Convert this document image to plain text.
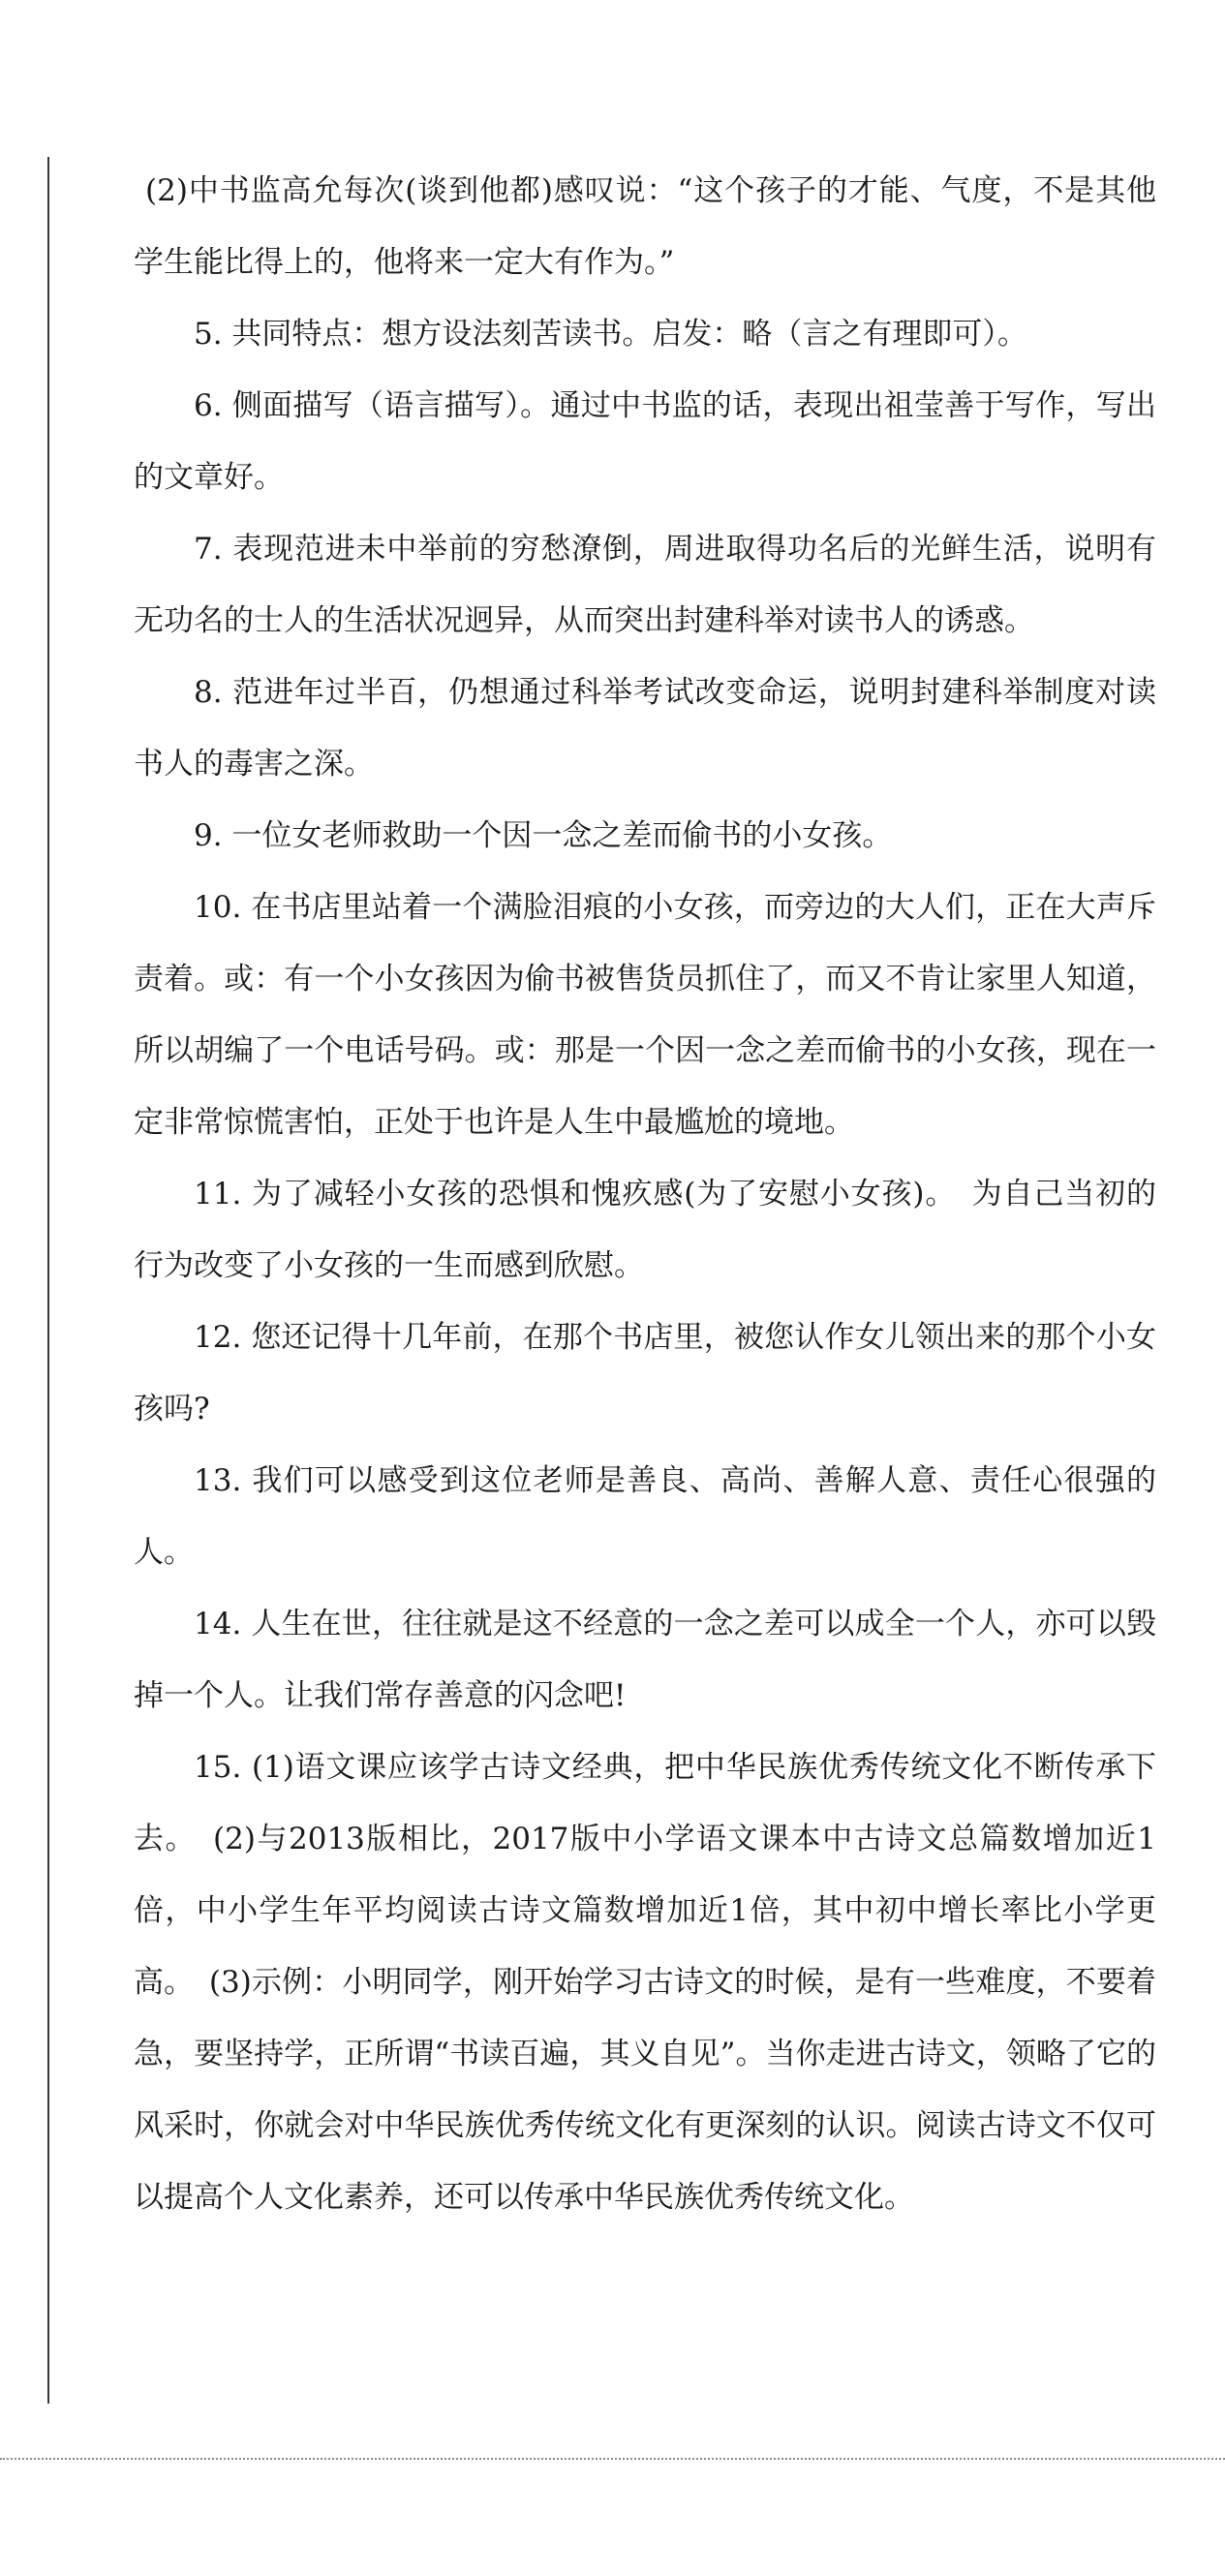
(2)中书监高允每次(谈到他都)感叹说：“这个孩子的才能、气度，不是其他学生能比得上的，他将来一定大有作为。”

5. 共同特点：想方设法刻苦读书。启发：略（言之有理即可）。

6. 侧面描写（语言描写）。通过中书监的话，表现出祖莹善于写作，写出的文章好。

7. 表现范进未中举前的穷愁潦倒，周进取得功名后的光鲜生活，说明有无功名的士人的生活状况迥异，从而突出封建科举对读书人的诱惑。

8. 范进年过半百，仍想通过科举考试改变命运，说明封建科举制度对读书人的毒害之深。

9. 一位女老师救助一个因一念之差而偷书的小女孩。

10. 在书店里站着一个满脸泪痕的小女孩，而旁边的大人们，正在大声斥责着。或：有一个小女孩因为偷书被售货员抓住了，而又不肯让家里人知道，所以胡编了一个电话号码。或：那是一个因一念之差而偷书的小女孩，现在一定非常惊慌害怕，正处于也许是人生中最尴尬的境地。

11. 为了减轻小女孩的恐惧和愧疚感(为了安慰小女孩)。　为自己当初的行为改变了小女孩的一生而感到欣慰。

12. 您还记得十几年前，在那个书店里，被您认作女儿领出来的那个小女孩吗?

13. 我们可以感受到这位老师是善良、高尚、善解人意、责任心很强的人。

14. 人生在世，往往就是这不经意的一念之差可以成全一个人，亦可以毁掉一个人。让我们常存善意的闪念吧!

15. (1)语文课应该学古诗文经典，把中华民族优秀传统文化不断传承下去。　(2)与2013版相比，2017版中小学语文课本中古诗文总篇数增加近1倍，中小学生年平均阅读古诗文篇数增加近1倍，其中初中增长率比小学更高。　(3)示例：小明同学，刚开始学习古诗文的时候，是有一些难度，不要着急，要坚持学，正所谓“书读百遍，其义自见”。当你走进古诗文，领略了它的风采时，你就会对中华民族优秀传统文化有更深刻的认识。阅读古诗文不仅可以提高个人文化素养，还可以传承中华民族优秀传统文化。
